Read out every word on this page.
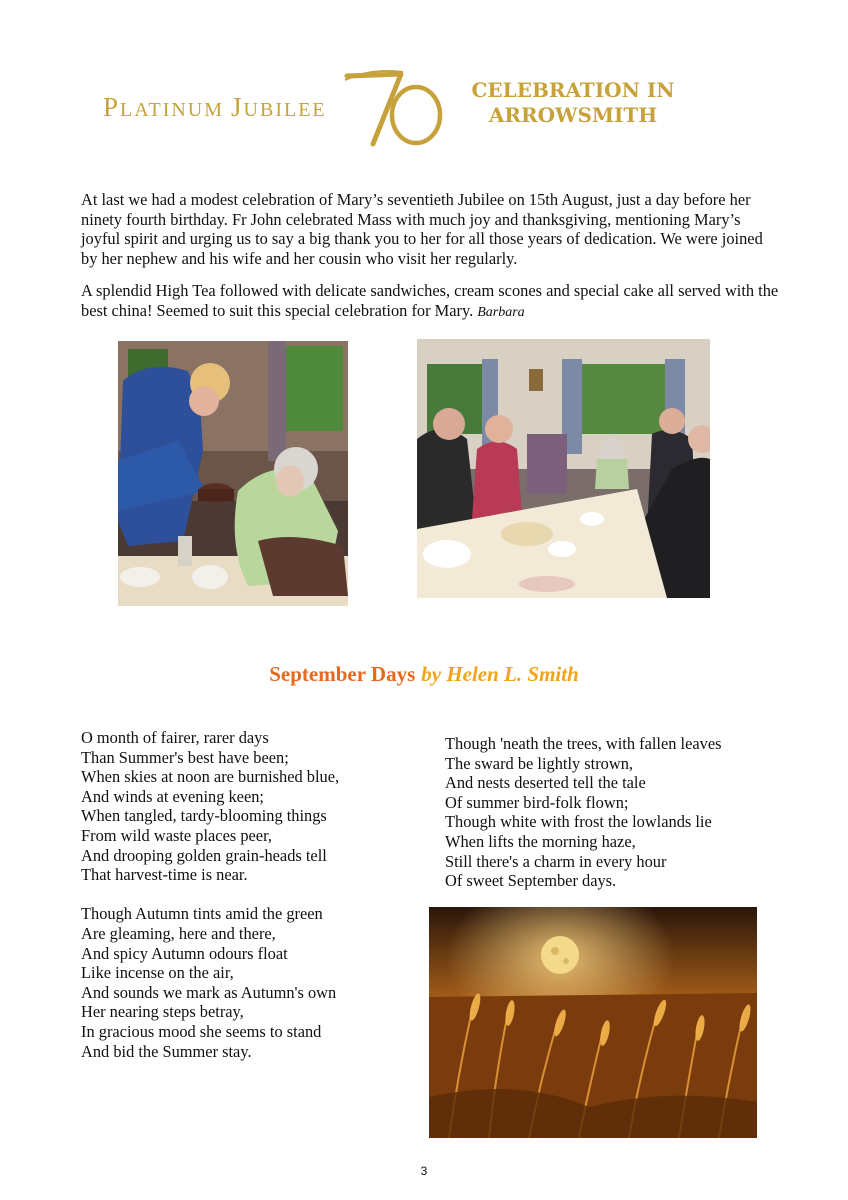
PLATINUM JUBILEE
CELEBRATION IN
ARROWSMITH

At last we had a modest celebration of Mary’s seventieth Jubilee on 15th August, just a day before her ninety fourth birthday. Fr John celebrated Mass with much joy and thanksgiving, mentioning Mary’s joyful spirit and urging us to say a big thank you to her for all those years of dedication. We were joined by her nephew and his wife and her cousin who visit her regularly.

A splendid High Tea followed with delicate sandwiches, cream scones and special cake all served with the best china! Seemed to suit this special celebration for Mary. Barbara

September Days by Helen L. Smith
O month of fairer, rarer days
Than Summer's best have been;
When skies at noon are burnished blue,
And winds at evening keen;
When tangled, tardy-blooming things
From wild waste places peer,
And drooping golden grain-heads tell
That harvest-time is near.

Though Autumn tints amid the green
Are gleaming, here and there,
And spicy Autumn odours float
Like incense on the air,
And sounds we mark as Autumn's own
Her nearing steps betray,
In gracious mood she seems to stand
And bid the Summer stay.
Though 'neath the trees, with fallen leaves
The sward be lightly strown,
And nests deserted tell the tale
Of summer bird-folk flown;
Though white with frost the lowlands lie
When lifts the morning haze,
Still there's a charm in every hour
Of sweet September days.
3
